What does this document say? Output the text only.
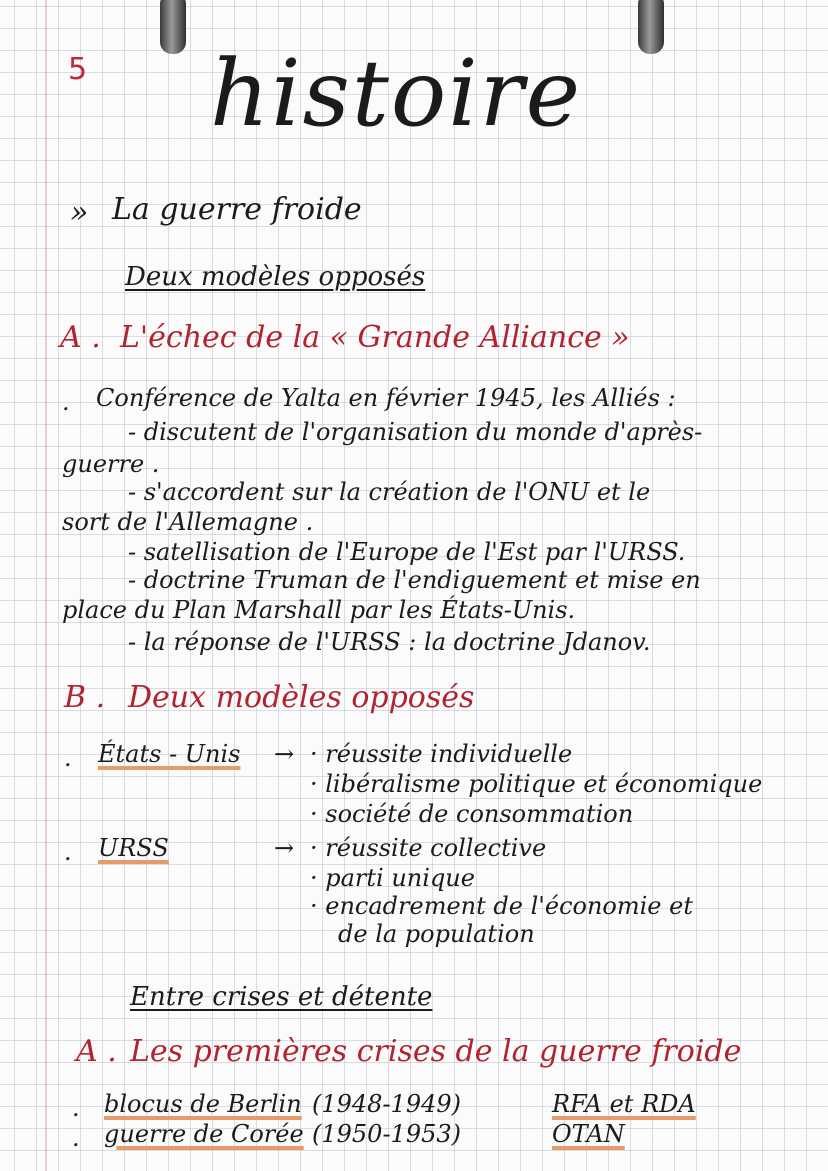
5 histoire
» La guerre froide
Deux modèles opposés
A . L'échec de la « Grande Alliance »
. Conférence de Yalta en février 1945, les Alliés :
- discutent de l'organisation du monde d'après-
guerre .
- s'accordent sur la création de l'ONU et le
sort de l'Allemagne .
- satellisation de l'Europe de l'Est par l'URSS.
- doctrine Truman de l'endiguement et mise en
place du Plan Marshall par les États-Unis.
- la réponse de l'URSS : la doctrine Jdanov.
B . Deux modèles opposés
. États - Unis → · réussite individuelle
· libéralisme politique et économique
· société de consommation
. URSS	→ · réussite collective
· parti unique
· encadrement de l'économie et
de la population
Entre crises et détente
A . Les premières crises de la guerre froide
. blocus de Berlin (1948-1949)	RFA et RDA
. guerre de Corée (1950-1953)	OTAN
